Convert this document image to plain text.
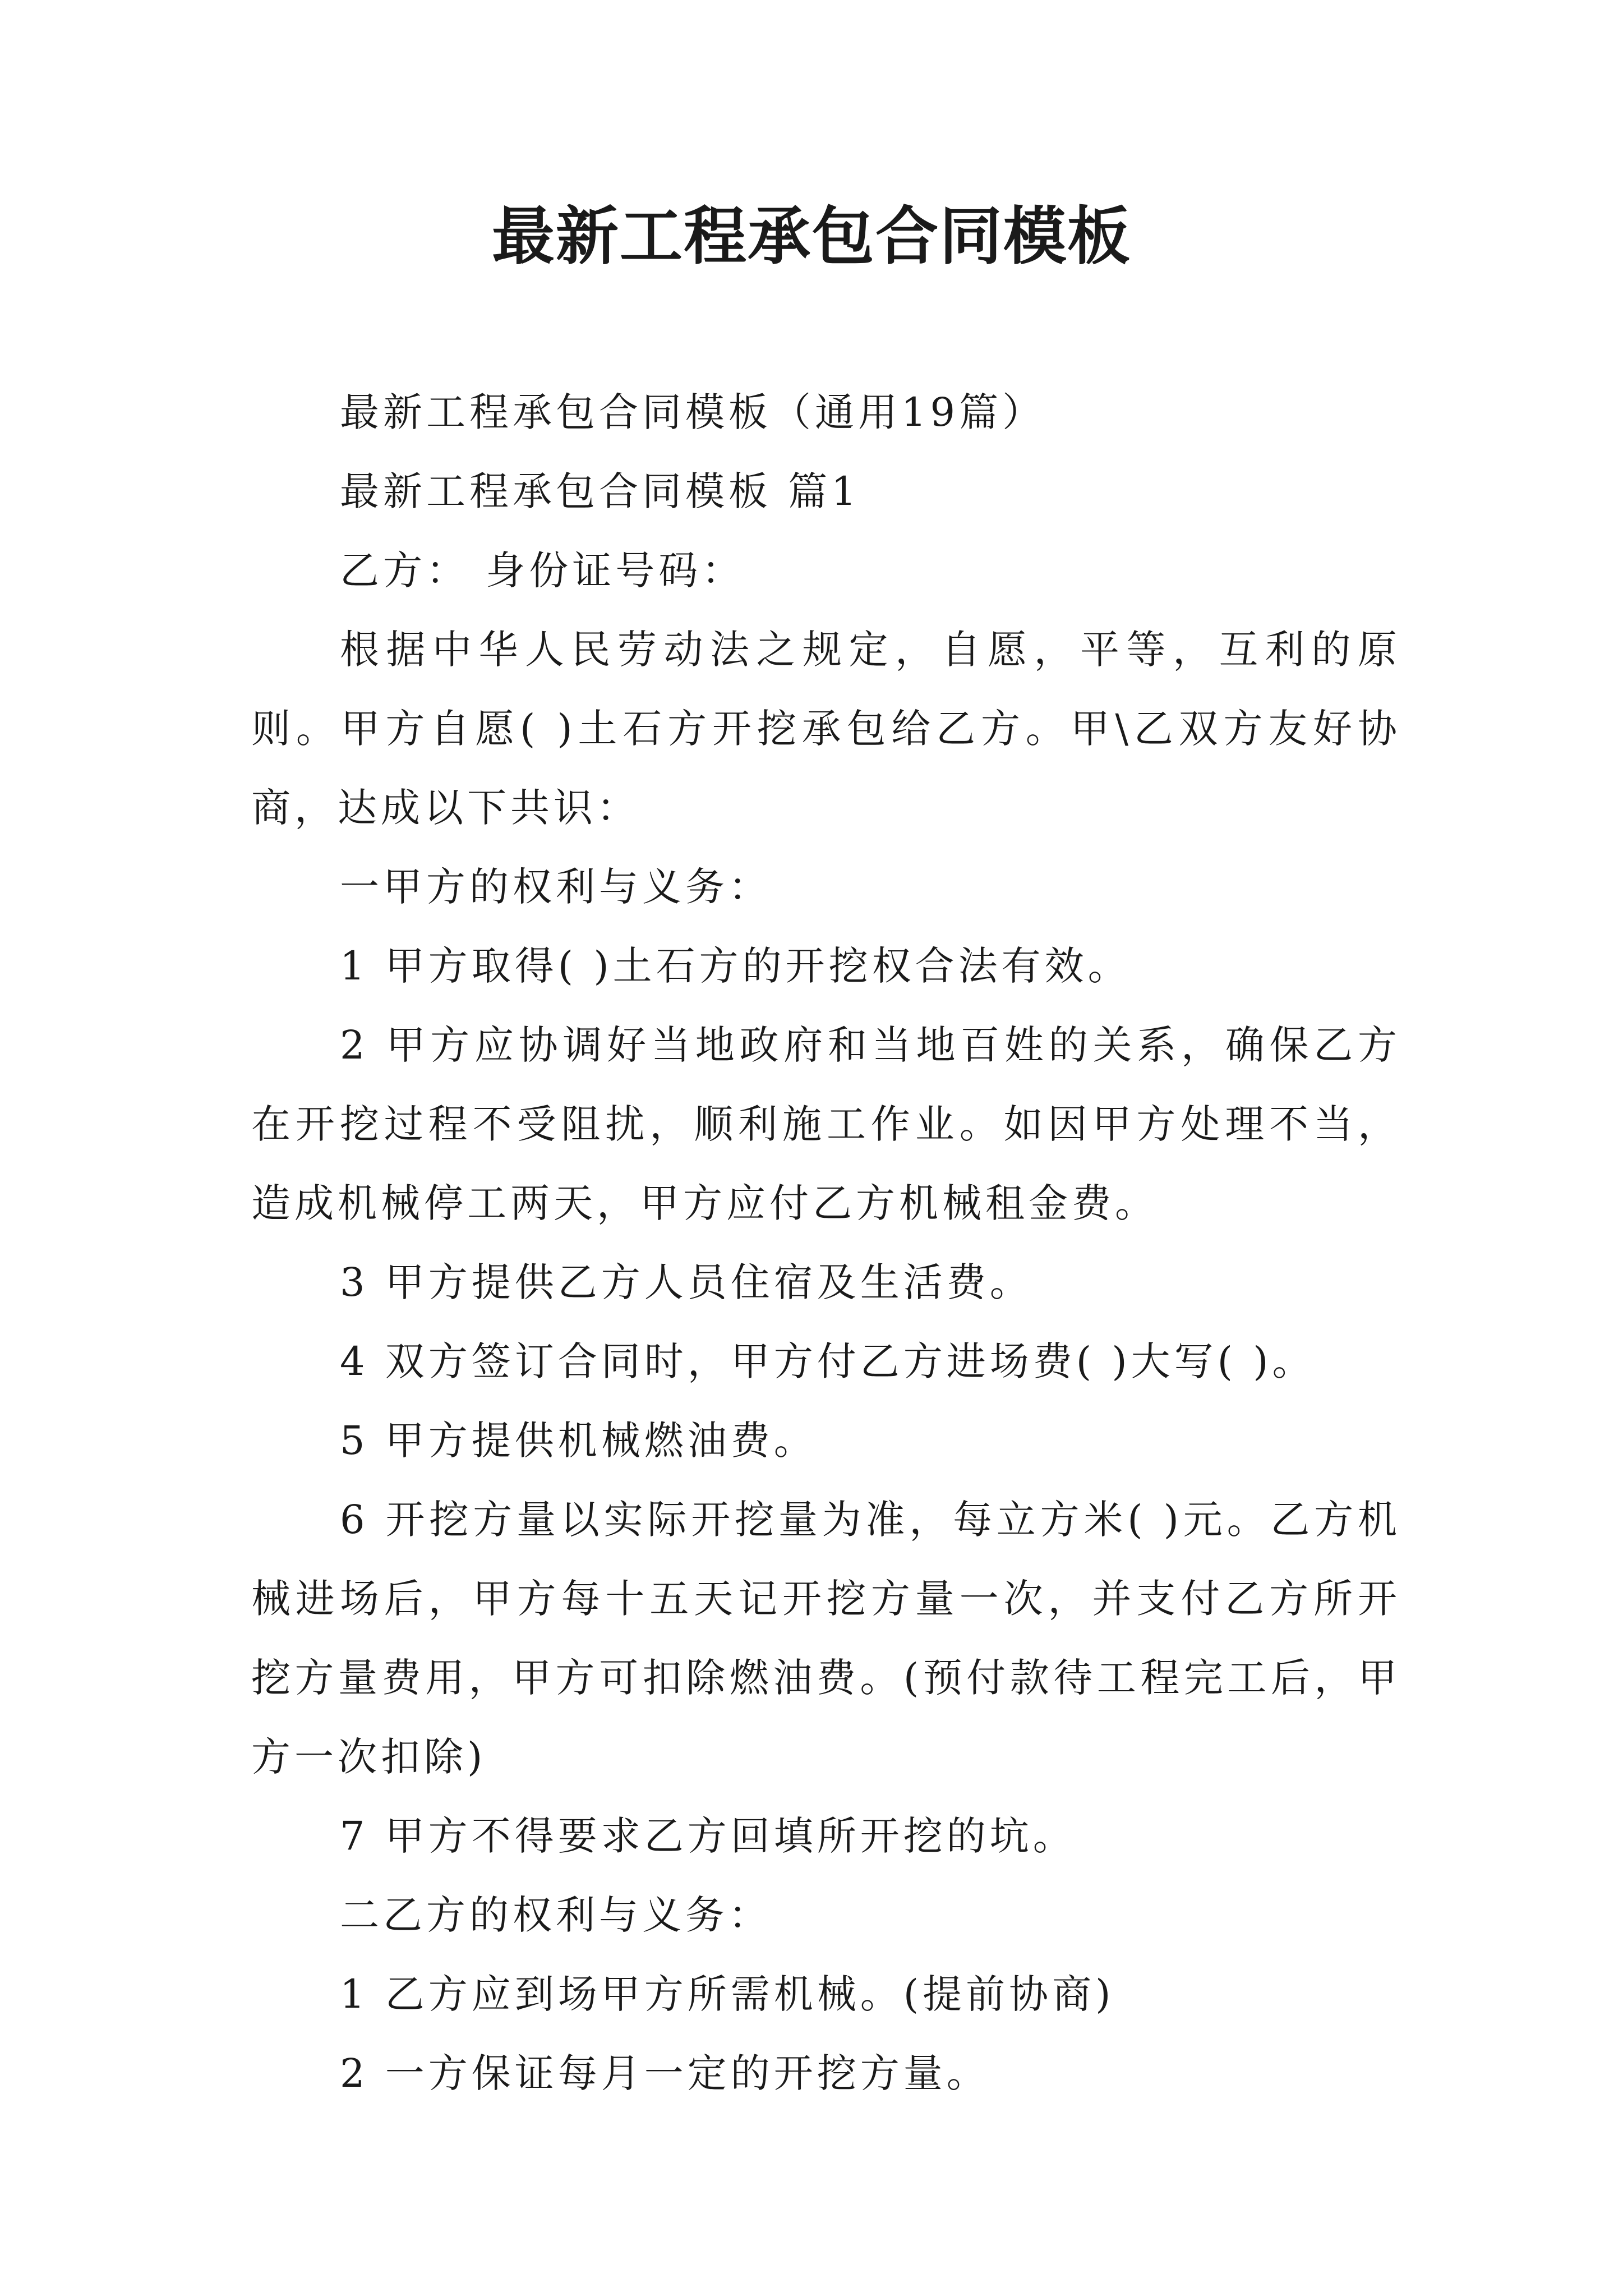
最新工程承包合同模板

最新工程承包合同模板（通用19篇）

最新工程承包合同模板 篇1

乙方： 身份证号码：

根据中华人民劳动法之规定，自愿，平等，互利的原则。甲方自愿( )土石方开挖承包给乙方。甲\乙双方友好协商，达成以下共识：

一甲方的权利与义务：

1 甲方取得( )土石方的开挖权合法有效。

2 甲方应协调好当地政府和当地百姓的关系，确保乙方在开挖过程不受阻扰，顺利施工作业。如因甲方处理不当，造成机械停工两天，甲方应付乙方机械租金费。

3 甲方提供乙方人员住宿及生活费。

4 双方签订合同时，甲方付乙方进场费( )大写( )。

5 甲方提供机械燃油费。

6 开挖方量以实际开挖量为准，每立方米( )元。乙方机械进场后，甲方每十五天记开挖方量一次，并支付乙方所开挖方量费用，甲方可扣除燃油费。(预付款待工程完工后，甲方一次扣除)

7 甲方不得要求乙方回填所开挖的坑。

二乙方的权利与义务：

1 乙方应到场甲方所需机械。(提前协商)

2 一方保证每月一定的开挖方量。
